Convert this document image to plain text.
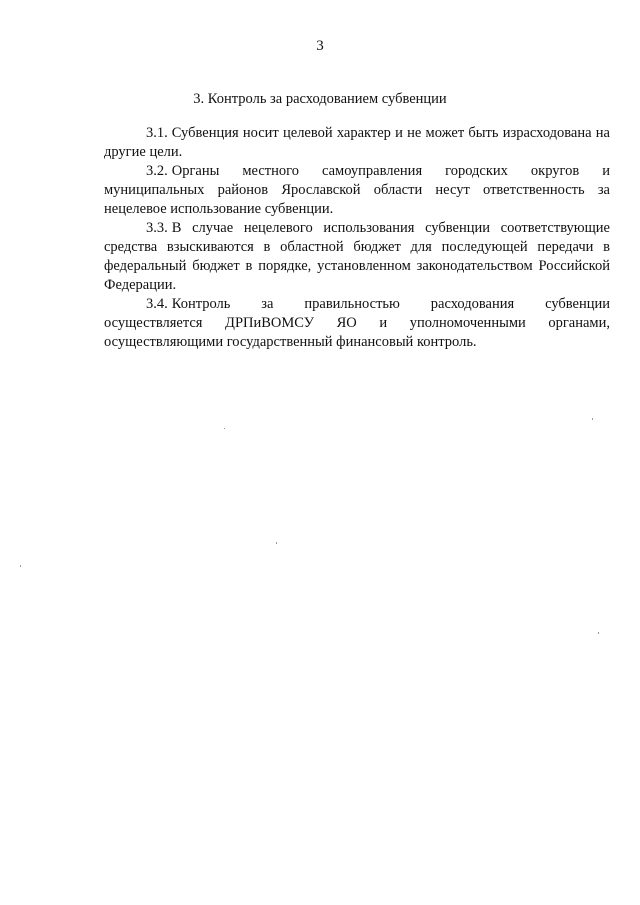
3
3. Контроль за расходованием субвенции

3.1. Субвенция носит целевой характер и не может быть израсходована на другие цели.

3.2. Органы местного самоуправления городских округов и
муниципальных районов Ярославской области несут ответственность за нецелевое использование субвенции.

3.3. В случае нецелевого использования субвенции соответствующие средства взыскиваются в областной бюджет для последующей передачи в федеральный бюджет в порядке, установленном законодательством Российской Федерации.

3.4. Контроль за правильностью расходования субвенции
осуществляется ДРПиВОМСУ ЯО и уполномоченными органами, осуществляющими государственный финансовый контроль.
